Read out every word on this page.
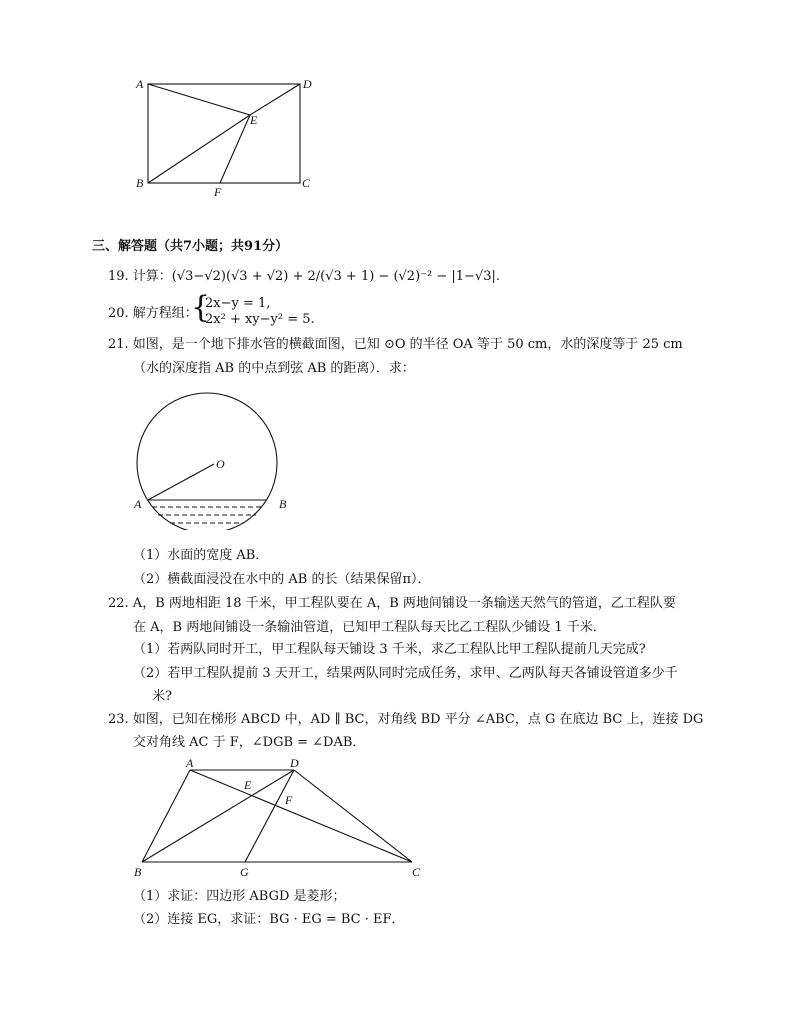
A	D
E
B
F
C
三、解答题（共7小题；共91分）
19. 计算：(√3−√2)(√3 + √2) + 2/(√3 + 1) − (√2)⁻² − |1−√3|.
20. 解方程组：
{
2x−y = 1,
2x² + xy−y² = 5.
21. 如图，是一个地下排水管的横截面图，已知 ⊙O 的半径 OA 等于 50 cm，水的深度等于 25 cm
（水的深度指 AB 的中点到弦 AB 的距离）．求：
O
A	B
（1）水面的宽度 AB．
（2）横截面浸没在水中的 AB 的长（结果保留π）．
22. A，B 两地相距 18 千米，甲工程队要在 A，B 两地间铺设一条输送天然气的管道，乙工程队要
在 A，B 两地间铺设一条输油管道，已知甲工程队每天比乙工程队少铺设 1 千米．
（1）若两队同时开工，甲工程队每天铺设 3 千米，求乙工程队比甲工程队提前几天完成?
（2）若甲工程队提前 3 天开工，结果两队同时完成任务，求甲、乙两队每天各铺设管道多少千
米?
23. 如图，已知在梯形 ABCD 中，AD ∥ BC，对角线 BD 平分 ∠ABC，点 G 在底边 BC 上，连接 DG
交对角线 AC 于 F，∠DGB = ∠DAB．
A	D
E
F
B	G	C
（1）求证：四边形 ABGD 是菱形；
（2）连接 EG，求证：BG · EG = BC · EF．
